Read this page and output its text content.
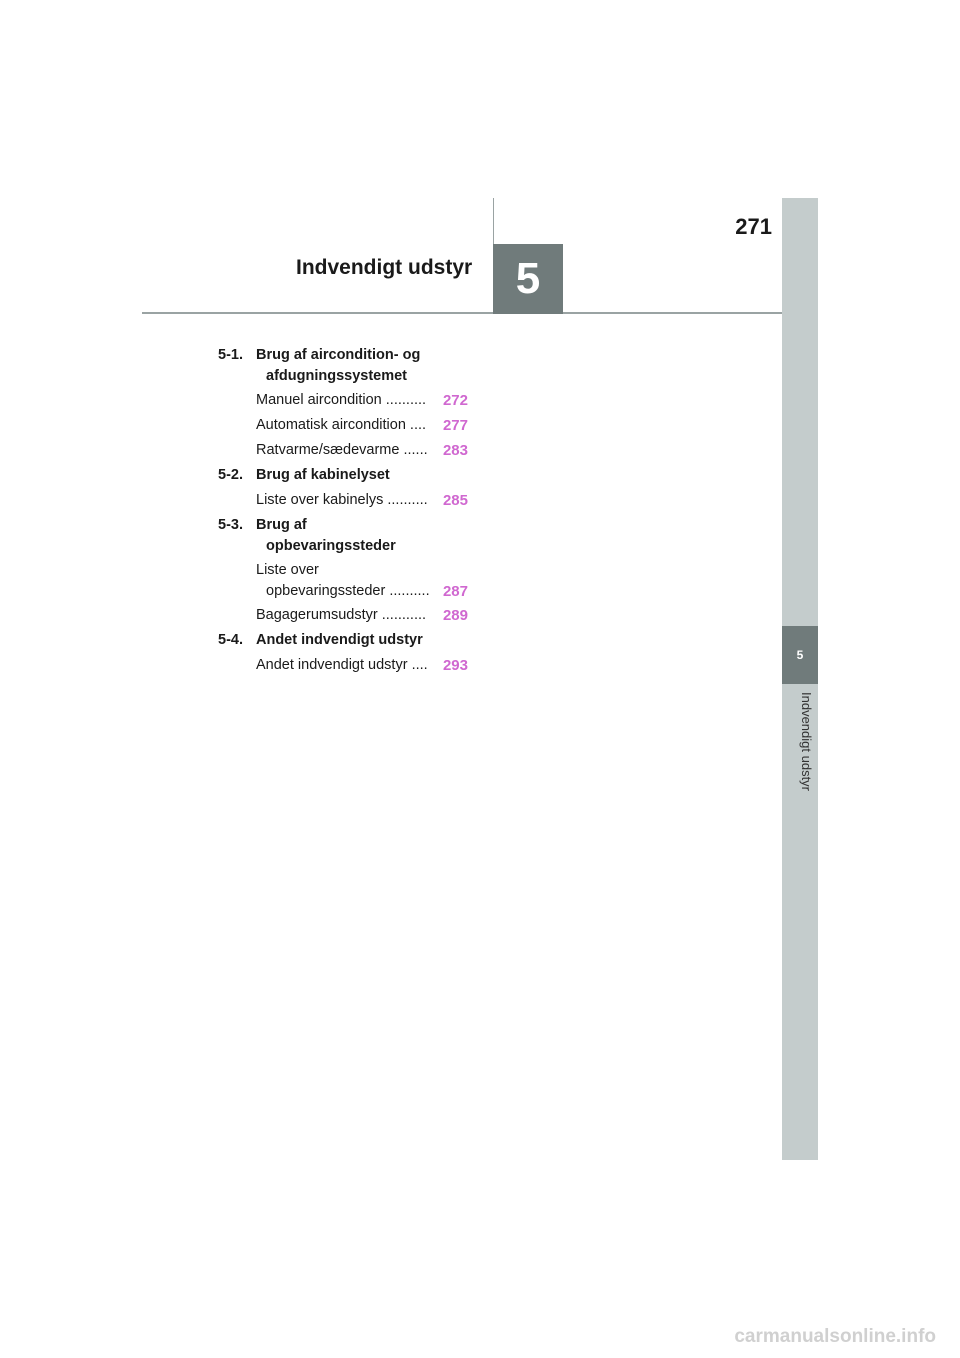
271
Indvendigt udstyr 5
5
Indvendigt udstyr
5-1. Brug af aircondition- og
afdugningssystemet
Manuel aircondition .......... 272
Automatisk aircondition .... 277
Ratvarme/sædevarme ...... 283
5-2. Brug af kabinelyset
Liste over kabinelys .......... 285
5-3. Brug af
opbevaringssteder
Liste over
opbevaringssteder .......... 287
Bagagerumsudstyr ........... 289
5-4. Andet indvendigt udstyr
Andet indvendigt udstyr .... 293
carmanualsonline.info
